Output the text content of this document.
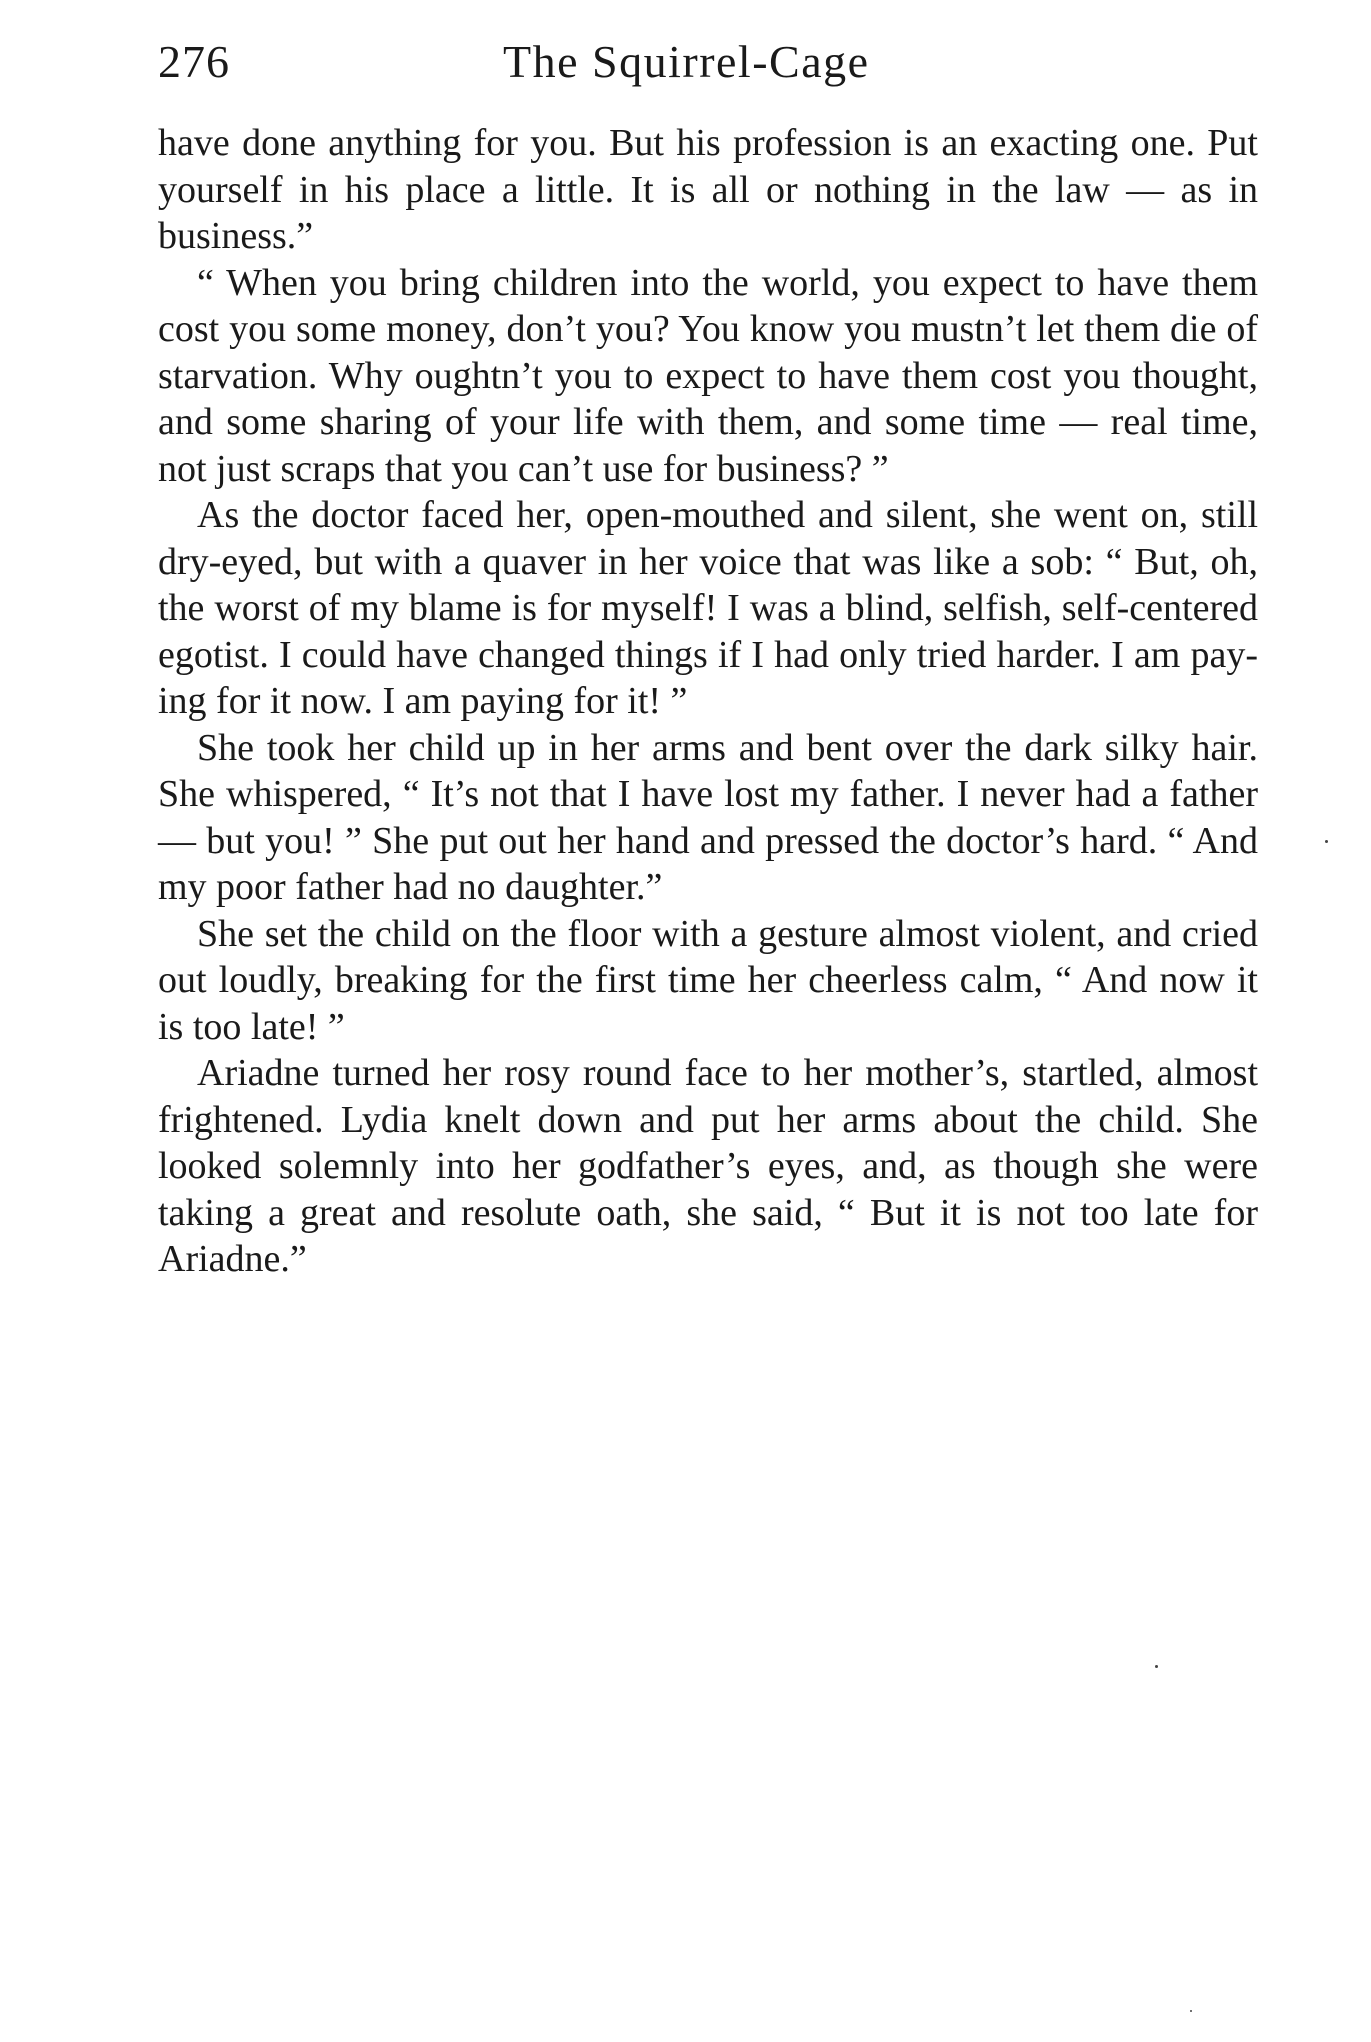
276	The Squirrel-Cage

have done anything for you. But his profession is an exacting one. Put yourself in his place a little. It is all or nothing in the law — as in business.”

“ When you bring children into the world, you expect to have them cost you some money, don’t you? You know you mustn’t let them die of starvation. Why oughtn’t you to expect to have them cost you thought, and some sharing of your life with them, and some time — real time, not just scraps that you can’t use for business? ”

As the doctor faced her, open-mouthed and silent, she went on, still dry-eyed, but with a quaver in her voice that was like a sob: “ But, oh, the worst of my blame is for myself! I was a blind, selfish, self-centered egotist. I could have changed things if I had only tried harder. I am paying for it now. I am paying for it! ”

She took her child up in her arms and bent over the dark silky hair. She whispered, “ It’s not that I have lost my father. I never had a father — but you! ” She put out her hand and pressed the doctor’s hard. “ And my poor father had no daughter.”

She set the child on the floor with a gesture almost violent, and cried out loudly, breaking for the first time her cheerless calm, “ And now it is too late! ”

Ariadne turned her rosy round face to her mother’s, startled, almost frightened. Lydia knelt down and put her arms about the child. She looked solemnly into her godfather’s eyes, and, as though she were taking a great and resolute oath, she said, “ But it is not too late for Ariadne.”
